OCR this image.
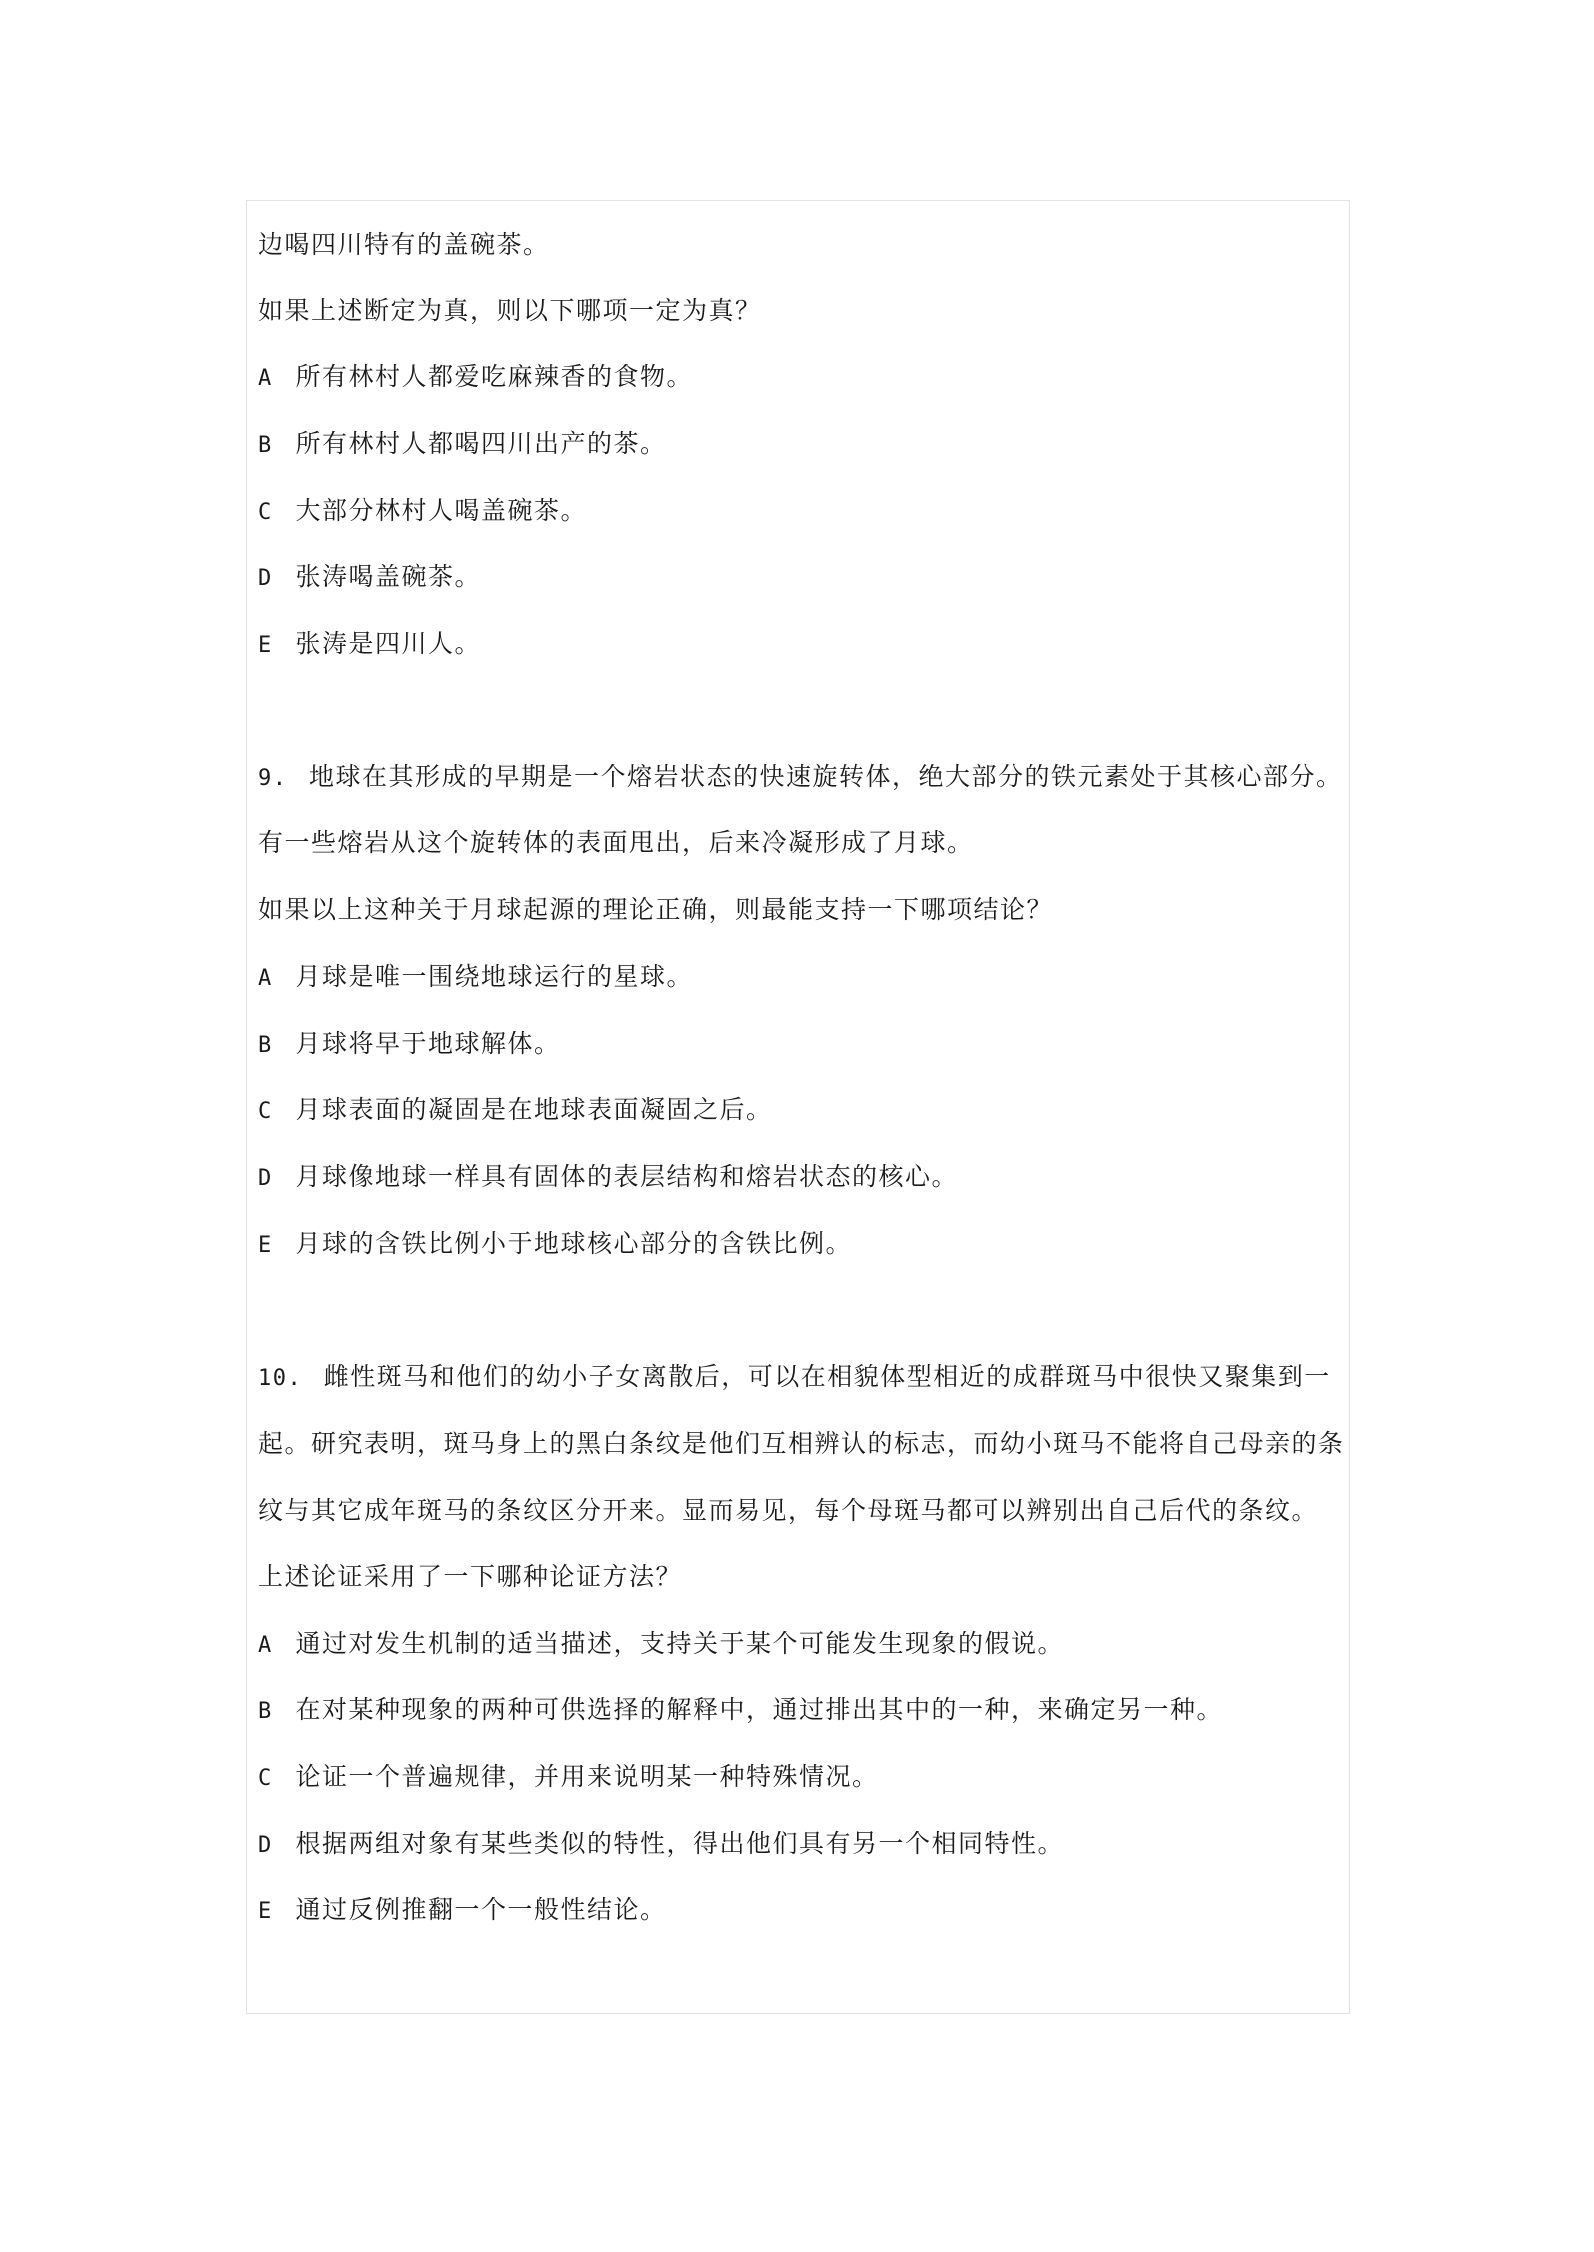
边喝四川特有的盖碗茶。
如果上述断定为真，则以下哪项一定为真？
A 所有林村人都爱吃麻辣香的食物。
B 所有林村人都喝四川出产的茶。
C 大部分林村人喝盖碗茶。
D 张涛喝盖碗茶。
E 张涛是四川人。
9. 地球在其形成的早期是一个熔岩状态的快速旋转体，绝大部分的铁元素处于其核心部分。
有一些熔岩从这个旋转体的表面甩出，后来冷凝形成了月球。
如果以上这种关于月球起源的理论正确，则最能支持一下哪项结论？
A 月球是唯一围绕地球运行的星球。
B 月球将早于地球解体。
C 月球表面的凝固是在地球表面凝固之后。
D 月球像地球一样具有固体的表层结构和熔岩状态的核心。
E 月球的含铁比例小于地球核心部分的含铁比例。
10. 雌性斑马和他们的幼小子女离散后，可以在相貌体型相近的成群斑马中很快又聚集到一
起。研究表明，斑马身上的黑白条纹是他们互相辨认的标志，而幼小斑马不能将自己母亲的条
纹与其它成年斑马的条纹区分开来。显而易见，每个母斑马都可以辨别出自己后代的条纹。
上述论证采用了一下哪种论证方法？
A 通过对发生机制的适当描述，支持关于某个可能发生现象的假说。
B 在对某种现象的两种可供选择的解释中，通过排出其中的一种，来确定另一种。
C 论证一个普遍规律，并用来说明某一种特殊情况。
D 根据两组对象有某些类似的特性，得出他们具有另一个相同特性。
E 通过反例推翻一个一般性结论。
